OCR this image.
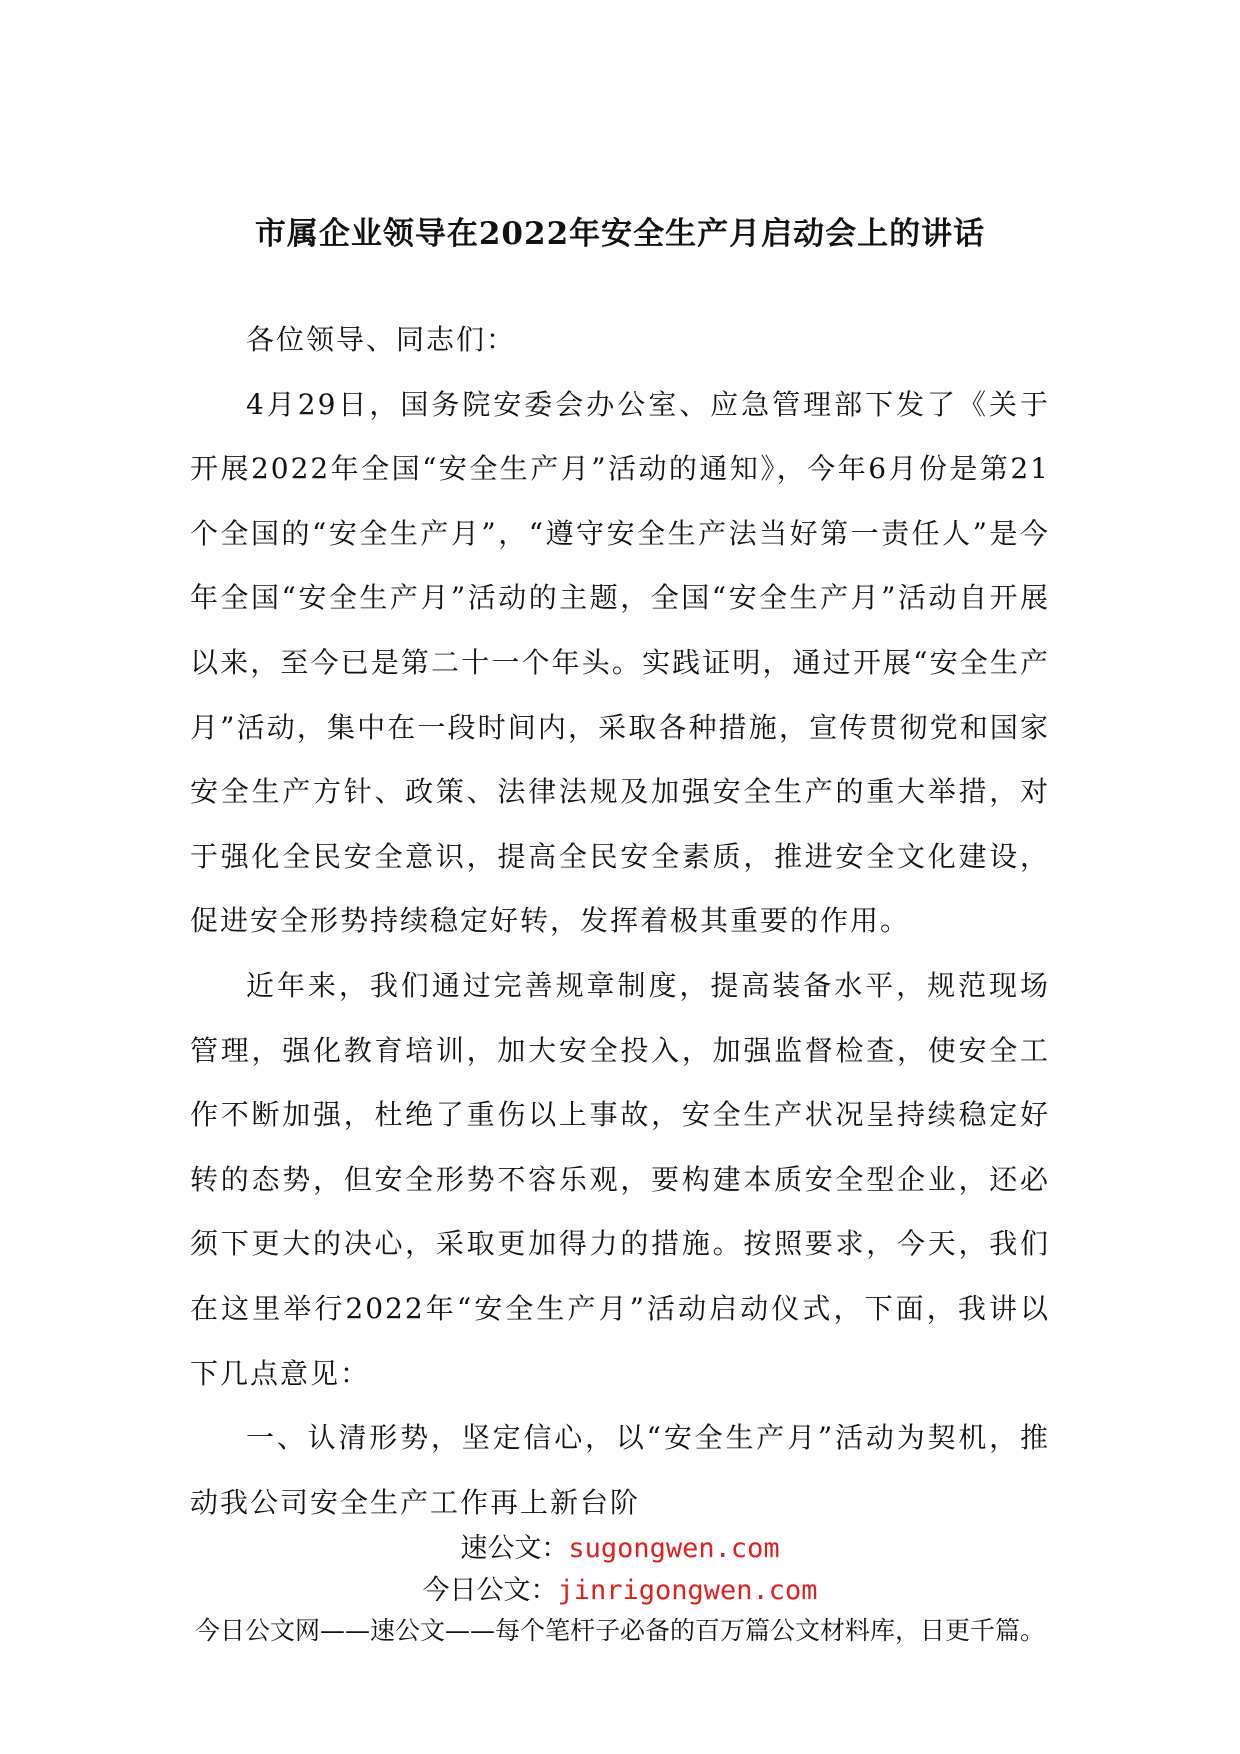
市属企业领导在2022年安全生产月启动会上的讲话

各位领导、同志们：

4月29日，国务院安委会办公室、应急管理部下发了《关于开展2022年全国“安全生产月”活动的通知》，今年6月份是第21个全国的“安全生产月”，“遵守安全生产法当好第一责任人”是今年全国“安全生产月”活动的主题，全国“安全生产月”活动自开展以来，至今已是第二十一个年头。实践证明，通过开展“安全生产月”活动，集中在一段时间内，采取各种措施，宣传贯彻党和国家安全生产方针、政策、法律法规及加强安全生产的重大举措，对于强化全民安全意识，提高全民安全素质，推进安全文化建设，促进安全形势持续稳定好转，发挥着极其重要的作用。

近年来，我们通过完善规章制度，提高装备水平，规范现场管理，强化教育培训，加大安全投入，加强监督检查，使安全工作不断加强，杜绝了重伤以上事故，安全生产状况呈持续稳定好转的态势，但安全形势不容乐观，要构建本质安全型企业，还必须下更大的决心，采取更加得力的措施。按照要求，今天，我们在这里举行2022年“安全生产月”活动启动仪式，下面，我讲以下几点意见：

一、认清形势，坚定信心，以“安全生产月”活动为契机，推动我公司安全生产工作再上新台阶

速公文：sugongwen.com
今日公文：jinrigongwen.com
今日公文网——速公文——每个笔杆子必备的百万篇公文材料库，日更千篇。
